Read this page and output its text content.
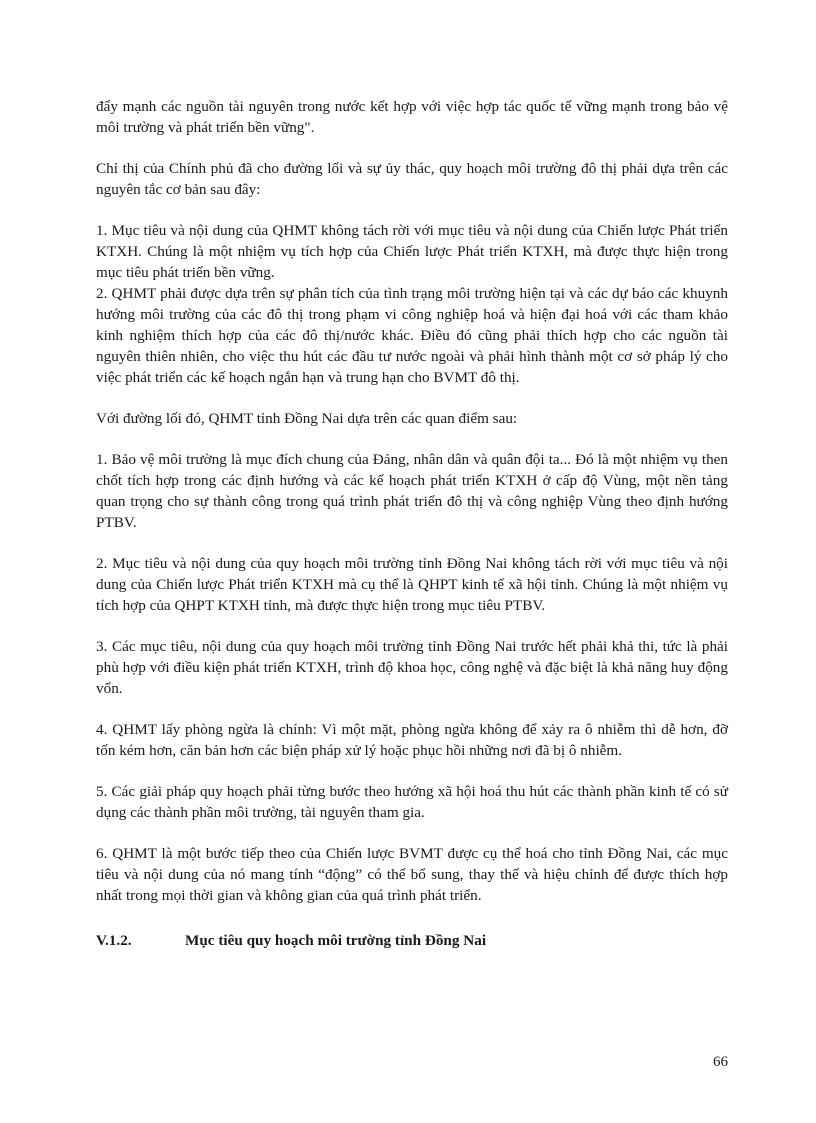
đẩy mạnh các nguồn tài nguyên trong nước kết hợp với việc hợp tác quốc tế vững mạnh trong bảo vệ môi trường và phát triển bền vững".

Chỉ thị của Chính phủ đã cho đường lối và sự ủy thác, quy hoạch môi trường đô thị phải dựa trên các nguyên tắc cơ bản sau đây:

1. Mục tiêu và nội dung của QHMT không tách rời với mục tiêu và nội dung của Chiến lược Phát triển KTXH. Chúng là một nhiệm vụ tích hợp của Chiến lược Phát triển KTXH, mà được thực hiện trong mục tiêu phát triển bền vững.

2. QHMT phải được dựa trên sự phân tích của tình trạng môi trường hiện tại và các dự báo các khuynh hướng môi trường của các đô thị trong phạm vi công nghiệp hoá và hiện đại hoá với các tham khảo kinh nghiệm thích hợp của các đô thị/nước khác. Điều đó cũng phải thích hợp cho các nguồn tài nguyên thiên nhiên, cho việc thu hút các đầu tư nước ngoài và phải hình thành một cơ sở pháp lý cho việc phát triển các kế hoạch ngắn hạn và trung hạn cho BVMT đô thị.

Với đường lối đó, QHMT tỉnh Đồng Nai dựa trên các quan điểm sau:

1. Bảo vệ môi trường là mục đích chung của Đảng, nhân dân và quân đội ta... Đó là một nhiệm vụ then chốt tích hợp trong các định hướng và các kế hoạch phát triển KTXH ở cấp độ Vùng, một nền tảng quan trọng cho sự thành công trong quá trình phát triển đô thị và công nghiệp Vùng theo định hướng PTBV.

2. Mục tiêu và nội dung của quy hoạch môi trường tỉnh Đồng Nai không tách rời với mục tiêu và nội dung của Chiến lược Phát triển KTXH mà cụ thể là QHPT kinh tế xã hội tỉnh. Chúng là một nhiệm vụ tích hợp của QHPT KTXH tỉnh, mà được thực hiện trong mục tiêu PTBV.

3. Các mục tiêu, nội dung của quy hoạch môi trường tỉnh Đồng Nai trước hết phải khả thi, tức là phải phù hợp với điều kiện phát triển KTXH, trình độ khoa học, công nghệ và đặc biệt là khả năng huy động vốn.

4. QHMT lấy phòng ngừa là chính: Vì một mặt, phòng ngừa không để xảy ra ô nhiễm thì dễ hơn, đỡ tốn kém hơn, căn bản hơn các biện pháp xử lý hoặc phục hồi những nơi đã bị ô nhiễm.

5. Các giải pháp quy hoạch phải từng bước theo hướng xã hội hoá thu hút các thành phần kinh tế có sử dụng các thành phần môi trường, tài nguyên tham gia.

6. QHMT là một bước tiếp theo của Chiến lược BVMT được cụ thể hoá cho tỉnh Đồng Nai, các mục tiêu và nội dung của nó mang tính “động” có thể bổ sung, thay thế và hiệu chỉnh để được thích hợp nhất trong mọi thời gian và không gian của quá trình phát triển.

V.1.2.	Mục tiêu quy hoạch môi trường tỉnh Đồng Nai
66
